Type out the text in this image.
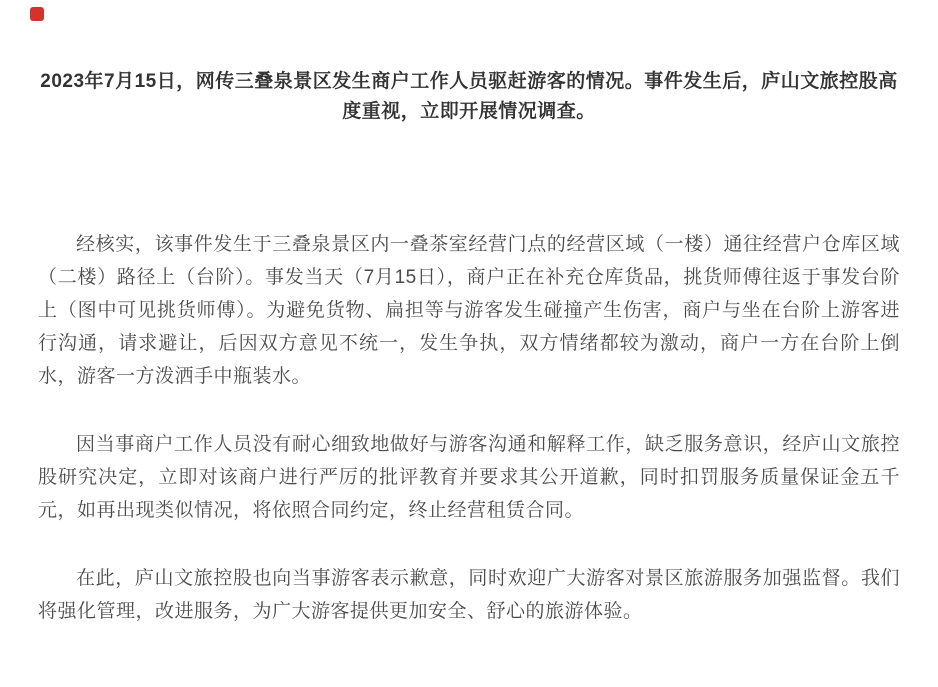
2023年7月15日，网传三叠泉景区发生商户工作人员驱赶游客的情况。事件发生后，庐山文旅控股高度重视，立即开展情况调查。

经核实，该事件发生于三叠泉景区内一叠茶室经营门点的经营区域（一楼）通往经营户仓库区域（二楼）路径上（台阶）。事发当天（7月15日），商户正在补充仓库货品，挑货师傅往返于事发台阶上（图中可见挑货师傅）。为避免货物、扁担等与游客发生碰撞产生伤害，商户与坐在台阶上游客进行沟通，请求避让，后因双方意见不统一，发生争执，双方情绪都较为激动，商户一方在台阶上倒水，游客一方泼洒手中瓶装水。

因当事商户工作人员没有耐心细致地做好与游客沟通和解释工作，缺乏服务意识，经庐山文旅控股研究决定，立即对该商户进行严厉的批评教育并要求其公开道歉，同时扣罚服务质量保证金五千元，如再出现类似情况，将依照合同约定，终止经营租赁合同。

在此，庐山文旅控股也向当事游客表示歉意，同时欢迎广大游客对景区旅游服务加强监督。我们将强化管理，改进服务，为广大游客提供更加安全、舒心的旅游体验。
